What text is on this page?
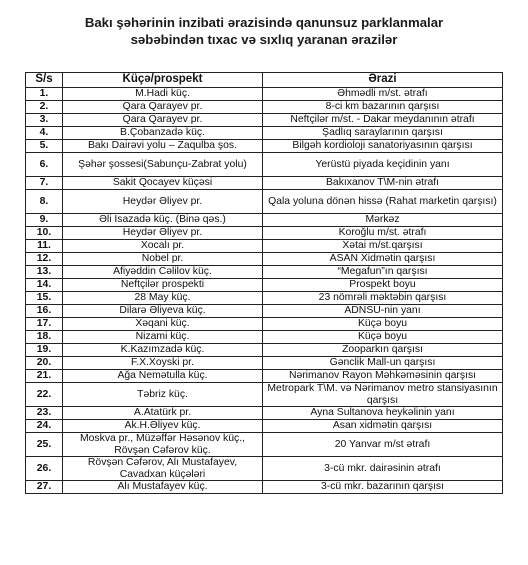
Bakı şəhərinin inzibati ərazisində qanunsuz parklanmalar
səbəbindən tıxac və sıxlıq yaranan ərazilər
S/s	Küçə/prospekt	Ərazi
1.	M.Hadi küç.	Əhmədli m/st. ətrafı
2.	Qara Qarayev pr.	8-ci km bazarının qarşısı
3.	Qara Qarayev pr.	Neftçilər m/st. - Dakar meydanının ətrafı
4.	B.Çobanzadə küç.	Şadlıq saraylarının qarşısı
5.	Bakı Dairəvi yolu – Zaqulba şos.	Bilgəh kordioloji sanatoriyasının qarşısı
6.	Şəhər şossesi(Sabunçu-Zabrat yolu)	Yerüstü piyada keçidinin yanı
7.	Sakit Qocayev küçəsi	Bakıxanov T\M-nin ətrafı
8.	Heydər Əliyev pr.	Qala yoluna dönən hissə (Rahat marketin qarşısı)
9.	Əli İsazadə küç. (Binə qəs.)	Mərkəz
10.	Heydər Əliyev pr.	Koroğlu m/st. ətrafı
11.	Xocalı pr.	Xətai m/st.qarşısı
12.	Nobel pr.	ASAN Xidmətin qarşısı
13.	Afiyəddin Cəlilov küç.	“Megafun”ın qarşısı
14.	Neftçilər prospekti	Prospekt boyu
15.	28 May küç.	23 nömrəli məktəbin qarşısı
16.	Dilarə Əliyeva küç.	ADNSU-nin yanı
17.	Xəqani küç.	Küçə boyu
18.	Nizami küç.	Küçə boyu
19.	K.Kazımzadə küç.	Zooparkın qarşısı
20.	F.X.Xoyski pr.	Gənclik Mall-un qarşısı
21.	Ağa Nemətulla küç.	Nərimanov Rayon Məhkəməsinin qarşısı
22.	Təbriz küç.	Metropark T\M. və Nərimanov metro stansiyasının qarşısı
23.	A.Atatürk pr.	Ayna Sultanova heykəlinin yanı
24.	Ak.H.Əliyev küç.	Asan xidmətin qarşısı
25.	Moskva pr., Müzəffər Həsənov küç., Rövşən Cəfərov küç.	20 Yanvar m/st ətrafı
26.	Rövşən Cəfərov, Alı Mustafayev, Cavadxan küçələri	3-cü mkr. dairəsinin ətrafı
27.	Alı Mustafayev küç.	3-cü mkr. bazarının qarşısı
